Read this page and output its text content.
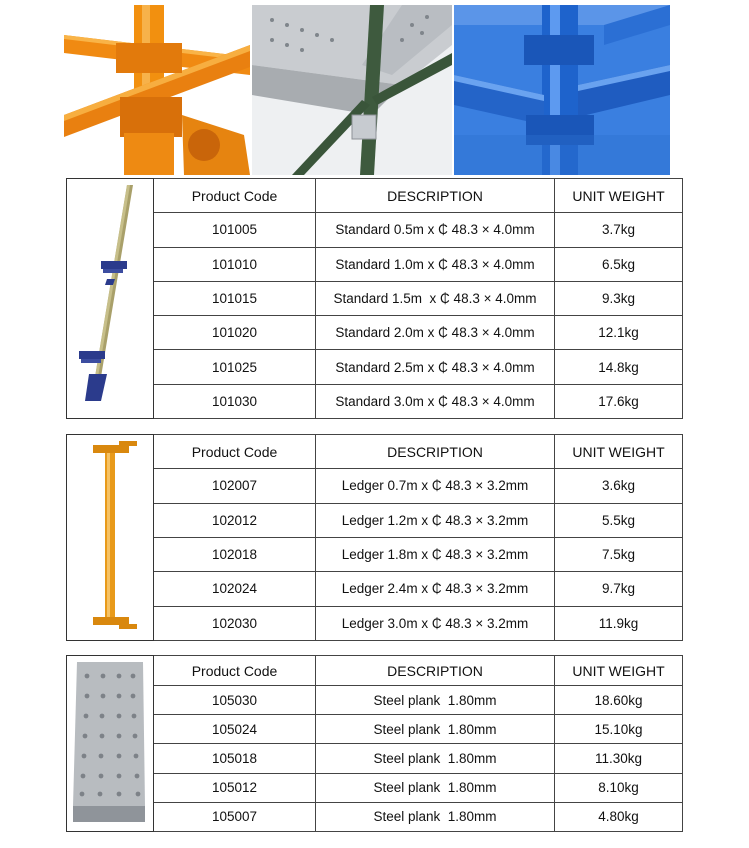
	Product Code	DESCRIPTION	UNIT WEIGHT
	101005	Standard 0.5m x ₵ 48.3 × 4.0mm	3.7kg
	101010	Standard 1.0m x ₵ 48.3 × 4.0mm	6.5kg
	101015	Standard 1.5m  x ₵ 48.3 × 4.0mm	9.3kg
	101020	Standard 2.0m x ₵ 48.3 × 4.0mm	12.1kg
	101025	Standard 2.5m x ₵ 48.3 × 4.0mm	14.8kg
	101030	Standard 3.0m x ₵ 48.3 × 4.0mm	17.6kg
	Product Code	DESCRIPTION	UNIT WEIGHT
	102007	Ledger 0.7m x ₵ 48.3 × 3.2mm	3.6kg
	102012	Ledger 1.2m x ₵ 48.3 × 3.2mm	5.5kg
	102018	Ledger 1.8m x ₵ 48.3 × 3.2mm	7.5kg
	102024	Ledger 2.4m x ₵ 48.3 × 3.2mm	9.7kg
	102030	Ledger 3.0m x ₵ 48.3 × 3.2mm	11.9kg
	Product Code	DESCRIPTION	UNIT WEIGHT
	105030	Steel plank  1.80mm	18.60kg
	105024	Steel plank  1.80mm	15.10kg
	105018	Steel plank  1.80mm	11.30kg
	105012	Steel plank  1.80mm	8.10kg
	105007	Steel plank  1.80mm	4.80kg
